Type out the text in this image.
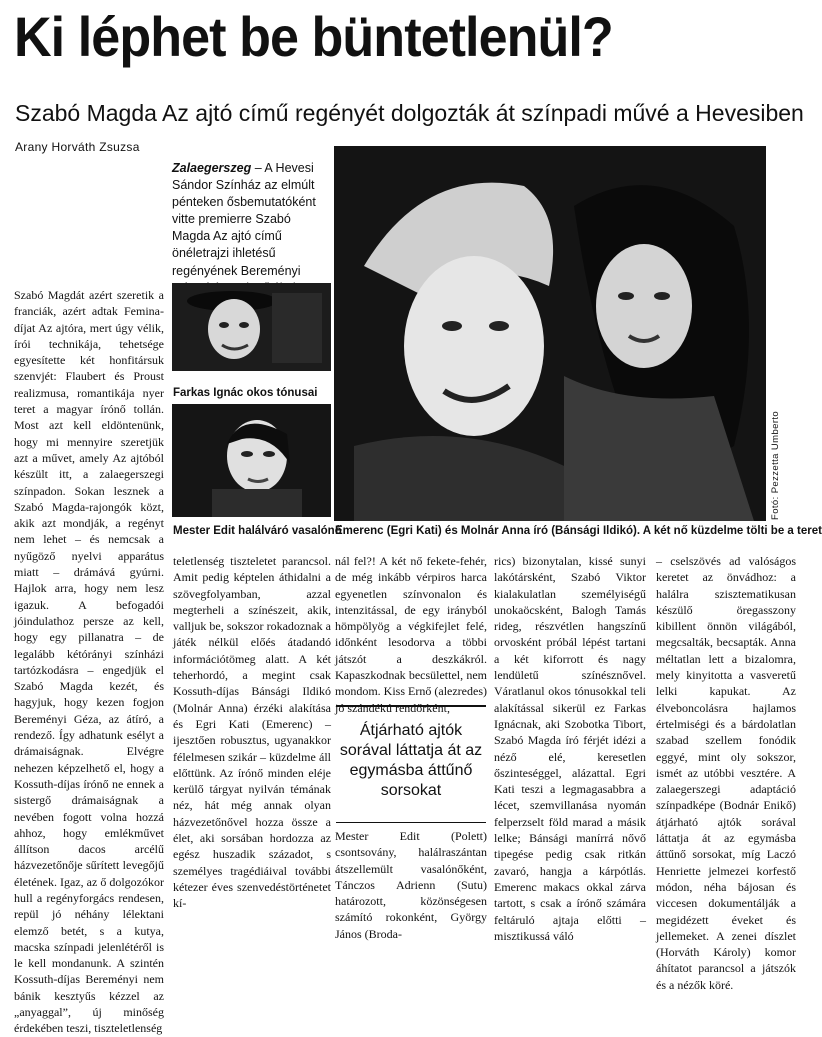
Ki léphet be büntetlenül?
Szabó Magda Az ajtó című regényét dolgozták át színpadi művé a Hevesiben
Arany Horváth Zsuzsa
Zalaegerszeg – A Hevesi Sándor Színház az elmúlt pénteken ősbemutatóként vitte premierre Szabó Magda Az ajtó című önéletrajzi ihletésű regényének Bereményi
Farkas Ignác okos tónusai
Mester Edit halálváró vasalónő
Emerenc (Egri Kati) és Molnár Anna író (Bánsági Ildikó). A két nő küzdelme tölti be a teret
Fotó: Pezzetta Umberto

Szabó Magdát azért szeretik a franciák, azért adtak Femina-díjat Az ajtóra, mert úgy vélik, írói technikája, tehetsége egyesítette két honfitársuk szenvjét: Flaubert és Proust realizmusa, romantikája nyer teret a magyar írónő tollán. Most azt kell eldöntenünk, hogy mi mennyire szeretjük azt a művet, amely Az ajtóból készült itt, a zalaegerszegi színpadon. Sokan lesznek a Szabó Magda-rajongók közt, akik azt mondják, a regényt nem lehet – és nemcsak a nyűgöző nyelvi apparátus miatt – drámává gyúrni. Hajlok arra, hogy nem lesz igazuk. A befogadói jóindulathoz persze az kell, hogy egy pillanatra – de legalább kétórányi színházi tartózkodásra – engedjük el Szabó Magda kezét, és hagyjuk, hogy kezen fogjon Bereményi Géza, az átíró, a rendező. Így adhatunk esélyt a drámaiságnak. Elvégre nehezen képzelhető el, hogy a Kossuth-díjas írónő ne ennek a sistergő drámaiságnak a nevében fogott volna hozzá ahhoz, hogy emlékművet állítson dacos arcélű házvezetőnője sűrített levegőjű életének. Igaz, az ő dolgozókor hull a regényforgács rendesen, repül jó néhány lélektani elemző betét, s a kutya, macska színpadi jelenlétéről is le kell mondanunk. A szintén Kossuth-díjas Bereményi nem bánik kesztyűs kézzel az „anyaggal”, új minőség érdekében teszi, tiszteletlenség

teletlenség tiszteletet parancsol. Amit pedig képtelen áthidalni a szövegfolyamban, azzal megterheli a színészeit, akik, valljuk be, sokszor rokadoznak a játék nélkül előés átadandó információtömeg alatt. A két teherhordó, a megint csak Kossuth-díjas Bánsági Ildikó (Molnár Anna) érzéki alakítása és Egri Kati (Emerenc) – ijesztően robusztus, ugyanakkor félelmesen szikár – küzdelme áll előttünk. Az írónő minden eléje kerülő tárgyat nyilván témának néz, hát még annak olyan házvezetőnővel hozza össze a élet, aki sorsában hordozza az egész huszadik századot, s személyes tragédiáival további kétezer éves szenvedéstörténetet kí-

nál fel?! A két nő fekete-fehér, de még inkább vérpiros harca egyenetlen színvonalon és intenzitással, de egy irányból hömpölyög a végkifejlet felé, időnként lesodorva a többi játszót a deszkákról. Kapaszkodnak becsülettel, nem mondom. Kiss Ernő (alezredes) jó szándékú rendőrként,

Átjárható ajtók sorával láttatja át az egymásba áttűnő sorsokat

Mester Edit (Polett) csontsovány, halálraszántan átszellemült vasalónőként, Tánczos Adrienn (Sutu) határozott, közönségesen számító rokonként, György János (Broda-

rics) bizonytalan, kissé sunyi lakótársként, Szabó Viktor kialakulatlan személyiségű unokaöcsként, Balogh Tamás rideg, részvétlen hangszínű orvosként próbál lépést tartani a két kiforrott és nagy lendületű színésznővel. Váratlanul okos tónusokkal teli alakítással sikerül ez Farkas Ignácnak, aki Szobotka Tibort, Szabó Magda író férjét idézi a néző elé, keresetlen őszinteséggel, alázattal. Egri Kati teszi a legmagasabbra a lécet, szemvillanása nyomán felperzselt föld marad a másik lelke; Bánsági manírrá nővő tipegése pedig csak ritkán zavaró, hangja a kárpótlás. Emerenc makacs okkal zárva tartott, s csak a írónő számára feltáruló ajtaja előtti – misztikussá váló

– cselszövés ad valóságos keretet az önvádhoz: a halálra szisztematikusan készülő öregasszony kibillent önnön világából, megcsalták, becsapták. Anna méltatlan lett a bizalomra, mely kinyitotta a vasveretű lelki kapukat. Az élveboncolásra hajlamos értelmiségi és a bárdolatlan szabad szellem fonódik eggyé, mint oly sokszor, ismét az utóbbi vesztére. A zalaegerszegi adaptáció színpadképe (Bodnár Enikő) átjárható ajtók sorával láttatja át az egymásba áttűnő sorsokat, míg Laczó Henriette jelmezei korfestő módon, néha bájosan és viccesen dokumentálják a megidézett éveket és jellemeket. A zenei díszlet (Horváth Károly) komor áhítatot parancsol a játszók és a nézők köré.
